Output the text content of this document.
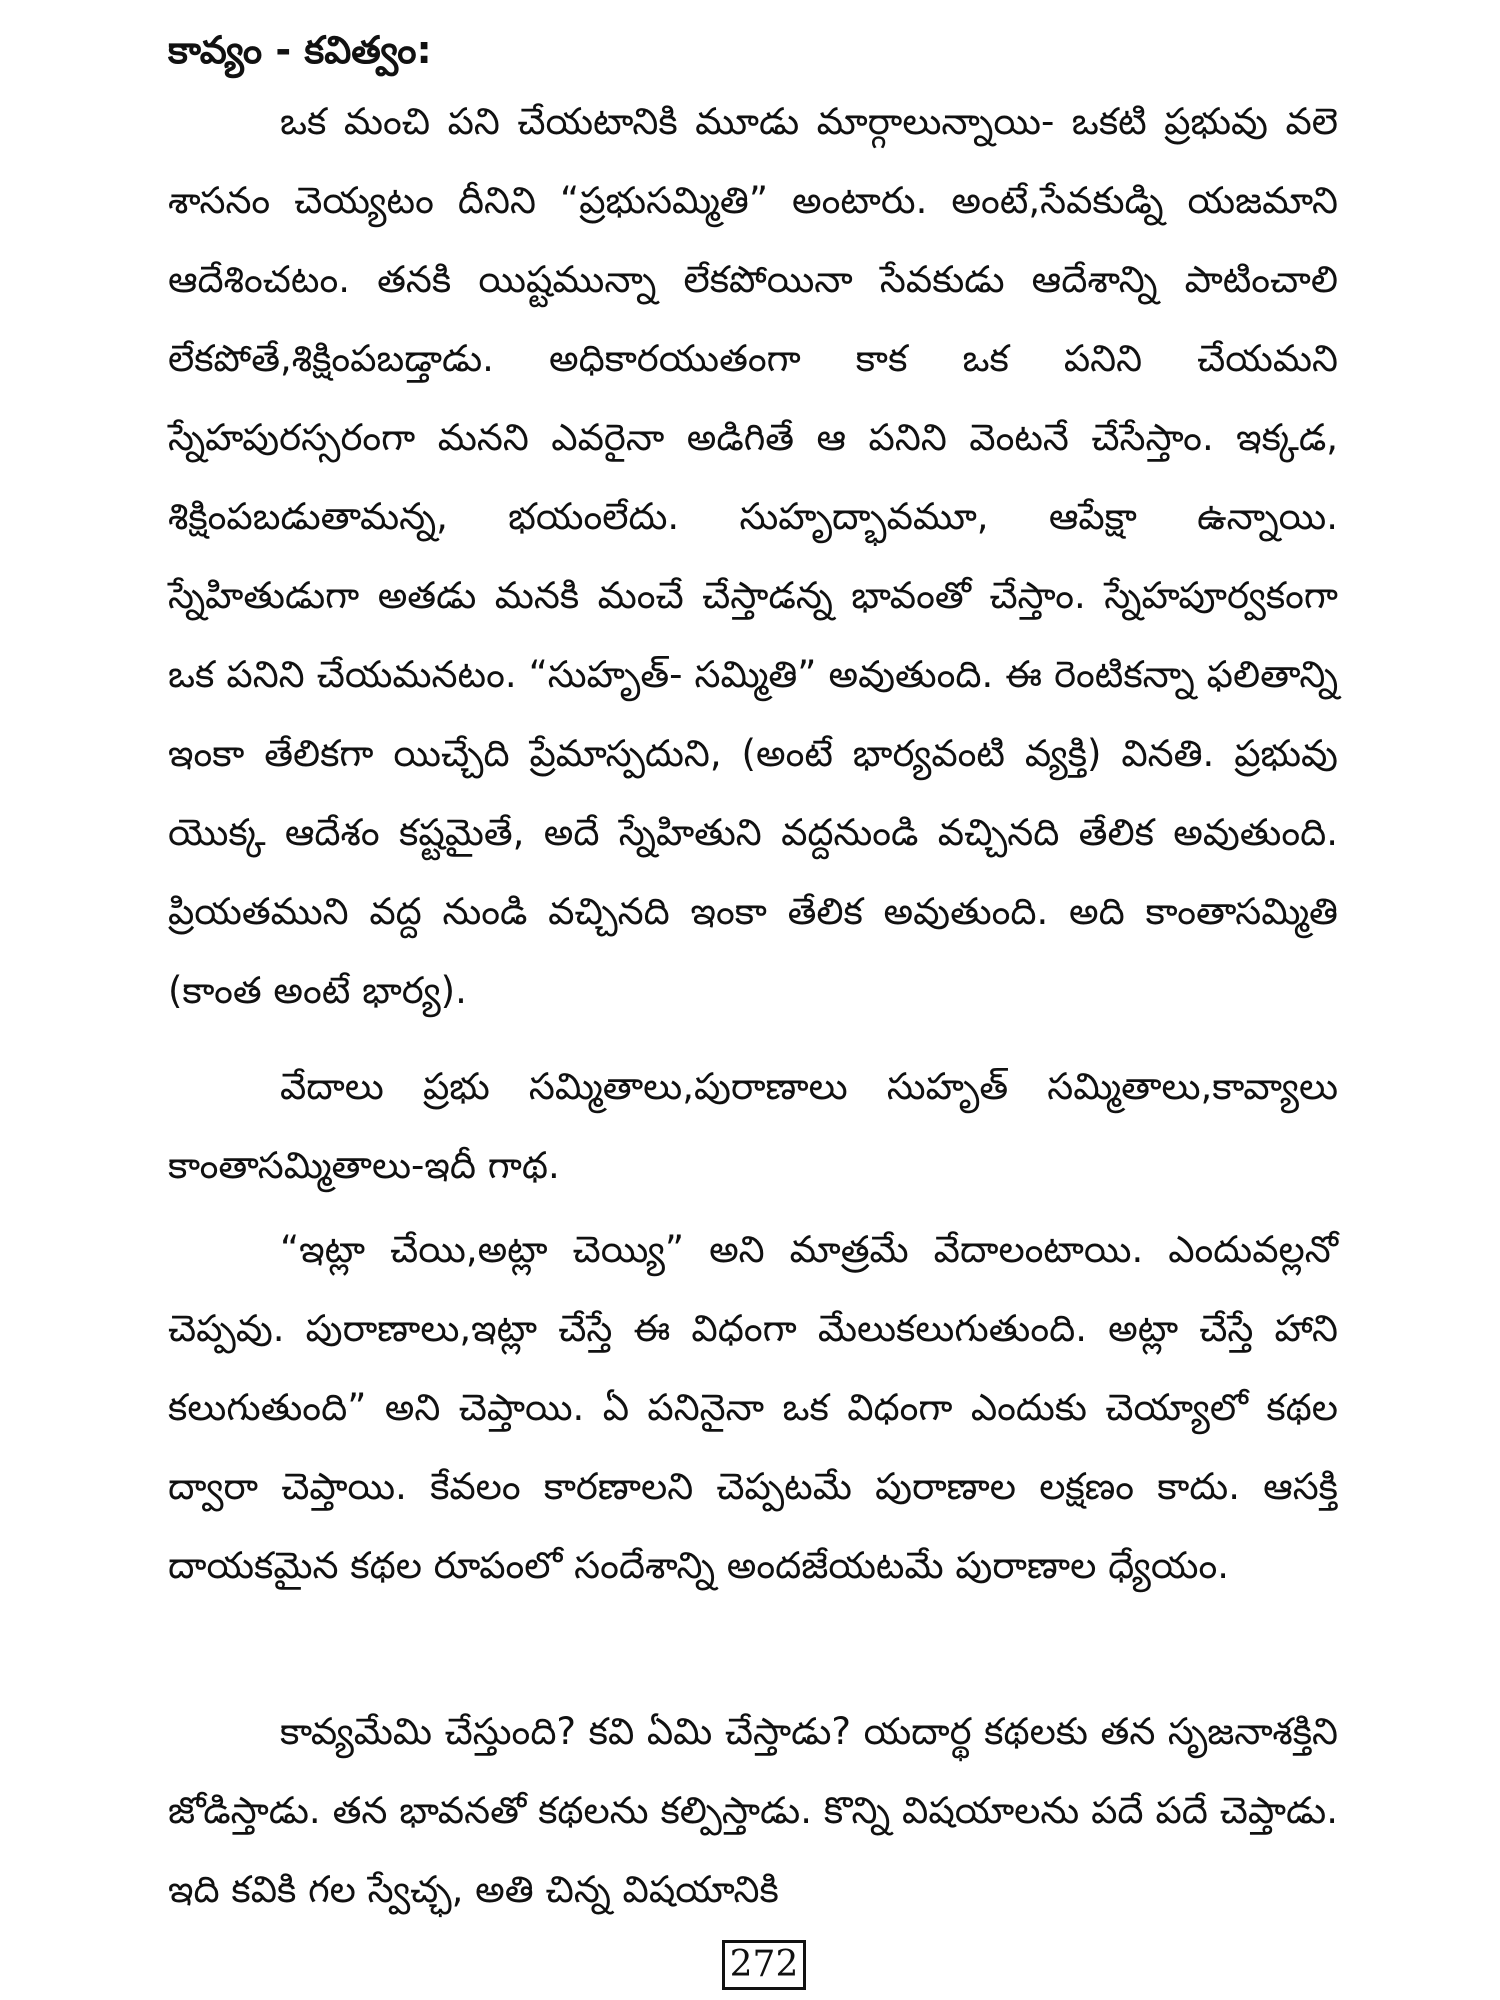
కావ్యం - కవిత్వం:

ఒక మంచి పని చేయటానికి మూడు మార్గాలున్నాయి- ఒకటి ప్రభువు వలె శాసనం చెయ్యటం దీనిని “ప్రభుసమ్మితి” అంటారు. అంటే,సేవకుడ్ని యజమాని ఆదేశించటం. తనకి యిష్టమున్నా లేకపోయినా సేవకుడు ఆదేశాన్ని పాటించాలి లేకపోతే,శిక్షింపబడ్తాడు. అధికారయుతంగా కాక ఒక పనిని చేయమని స్నేహపురస్సరంగా మనని ఎవరైనా అడిగితే ఆ పనిని వెంటనే చేసేస్తాం. ఇక్కడ, శిక్షింపబడుతామన్న, భయంలేదు. సుహృద్భావమూ, ఆపేక్షా ఉన్నాయి. స్నేహితుడుగా అతడు మనకి మంచే చేస్తాడన్న భావంతో చేస్తాం. స్నేహపూర్వకంగా ఒక పనిని చేయమనటం. “సుహృత్- సమ్మితి” అవుతుంది. ఈ రెంటికన్నా ఫలితాన్ని ఇంకా తేలికగా యిచ్చేది ప్రేమాస్పదుని, (అంటే భార్యవంటి వ్యక్తి) వినతి. ప్రభువు యొక్క ఆదేశం కష్టమైతే, అదే స్నేహితుని వద్దనుండి వచ్చినది తేలిక అవుతుంది. ప్రియతముని వద్ద నుండి వచ్చినది ఇంకా తేలిక అవుతుంది. అది కాంతాసమ్మితి (కాంత అంటే భార్య).

వేదాలు ప్రభు సమ్మితాలు,పురాణాలు సుహృత్ సమ్మితాలు,కావ్యాలు కాంతాసమ్మితాలు-ఇదీ గాథ.

“ఇట్లా చేయి,అట్లా చెయ్యి” అని మాత్రమే వేదాలంటాయి. ఎందువల్లనో చెప్పవు. పురాణాలు,ఇట్లా చేస్తే ఈ విధంగా మేలుకలుగుతుంది. అట్లా చేస్తే హాని కలుగుతుంది” అని చెప్తాయి. ఏ పనినైనా ఒక విధంగా ఎందుకు చెయ్యాలో కథల ద్వారా చెప్తాయి. కేవలం కారణాలని చెప్పటమే పురాణాల లక్షణం కాదు. ఆసక్తి దాయకమైన కథల రూపంలో సందేశాన్ని అందజేయటమే పురాణాల ధ్యేయం.

కావ్యమేమి చేస్తుంది? కవి ఏమి చేస్తాడు? యదార్థ కథలకు తన సృజనాశక్తిని జోడిస్తాడు. తన భావనతో కథలను కల్పిస్తాడు. కొన్ని విషయాలను పదే పదే చెప్తాడు. ఇది కవికి గల స్వేచ్ఛ, అతి చిన్న విషయానికి

272
